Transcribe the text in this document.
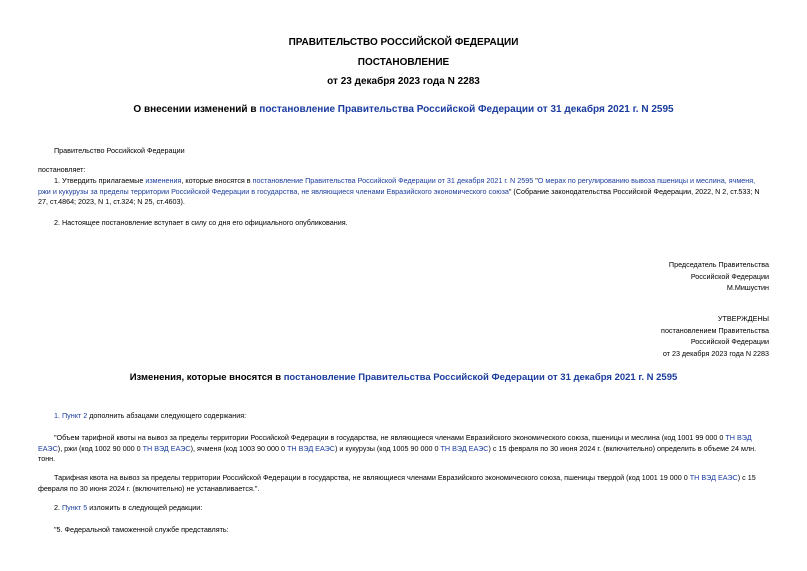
ПРАВИТЕЛЬСТВО РОССИЙСКОЙ ФЕДЕРАЦИИ
ПОСТАНОВЛЕНИЕ
от 23 декабря 2023 года N 2283
О внесении изменений в постановление Правительства Российской Федерации от 31 декабря 2021 г. N 2595
Правительство Российской Федерации
постановляет:
1. Утвердить прилагаемые изменения, которые вносятся в постановление Правительства Российской Федерации от 31 декабря 2021 г. N 2595 "О мерах по регулированию вывоза пшеницы и меслина, ячменя,
ржи и кукурузы за пределы территории Российской Федерации в государства, не являющиеся членами Евразийского экономического союза" (Собрание законодательства Российской Федерации, 2022, N 2, ст.533; N
27, ст.4864; 2023, N 1, ст.324; N 25, ст.4603).
2. Настоящее постановление вступает в силу со дня его официального опубликования.
Председатель Правительства
Российской Федерации
М.Мишустин
УТВЕРЖДЕНЫ
постановлением Правительства
Российской Федерации
от 23 декабря 2023 года N 2283
Изменения, которые вносятся в постановление Правительства Российской Федерации от 31 декабря 2021 г. N 2595
1. Пункт 2 дополнить абзацами следующего содержания:
"Объем тарифной квоты на вывоз за пределы территории Российской Федерации в государства, не являющиеся членами Евразийского экономического союза, пшеницы и меслина (код 1001 99 000 0 ТН ВЭД
ЕАЭС), ржи (код 1002 90 000 0 ТН ВЭД ЕАЭС), ячменя (код 1003 90 000 0 ТН ВЭД ЕАЭС) и кукурузы (код 1005 90 000 0 ТН ВЭД ЕАЭС) с 15 февраля по 30 июня 2024 г. (включительно) определить в объеме 24 млн.
тонн.
Тарифная квота на вывоз за пределы территории Российской Федерации в государства, не являющиеся членами Евразийского экономического союза, пшеницы твердой (код 1001 19 000 0 ТН ВЭД ЕАЭС) с 15
февраля по 30 июня 2024 г. (включительно) не устанавливается.".
2. Пункт 5 изложить в следующей редакции:
"5. Федеральной таможенной службе представлять:
